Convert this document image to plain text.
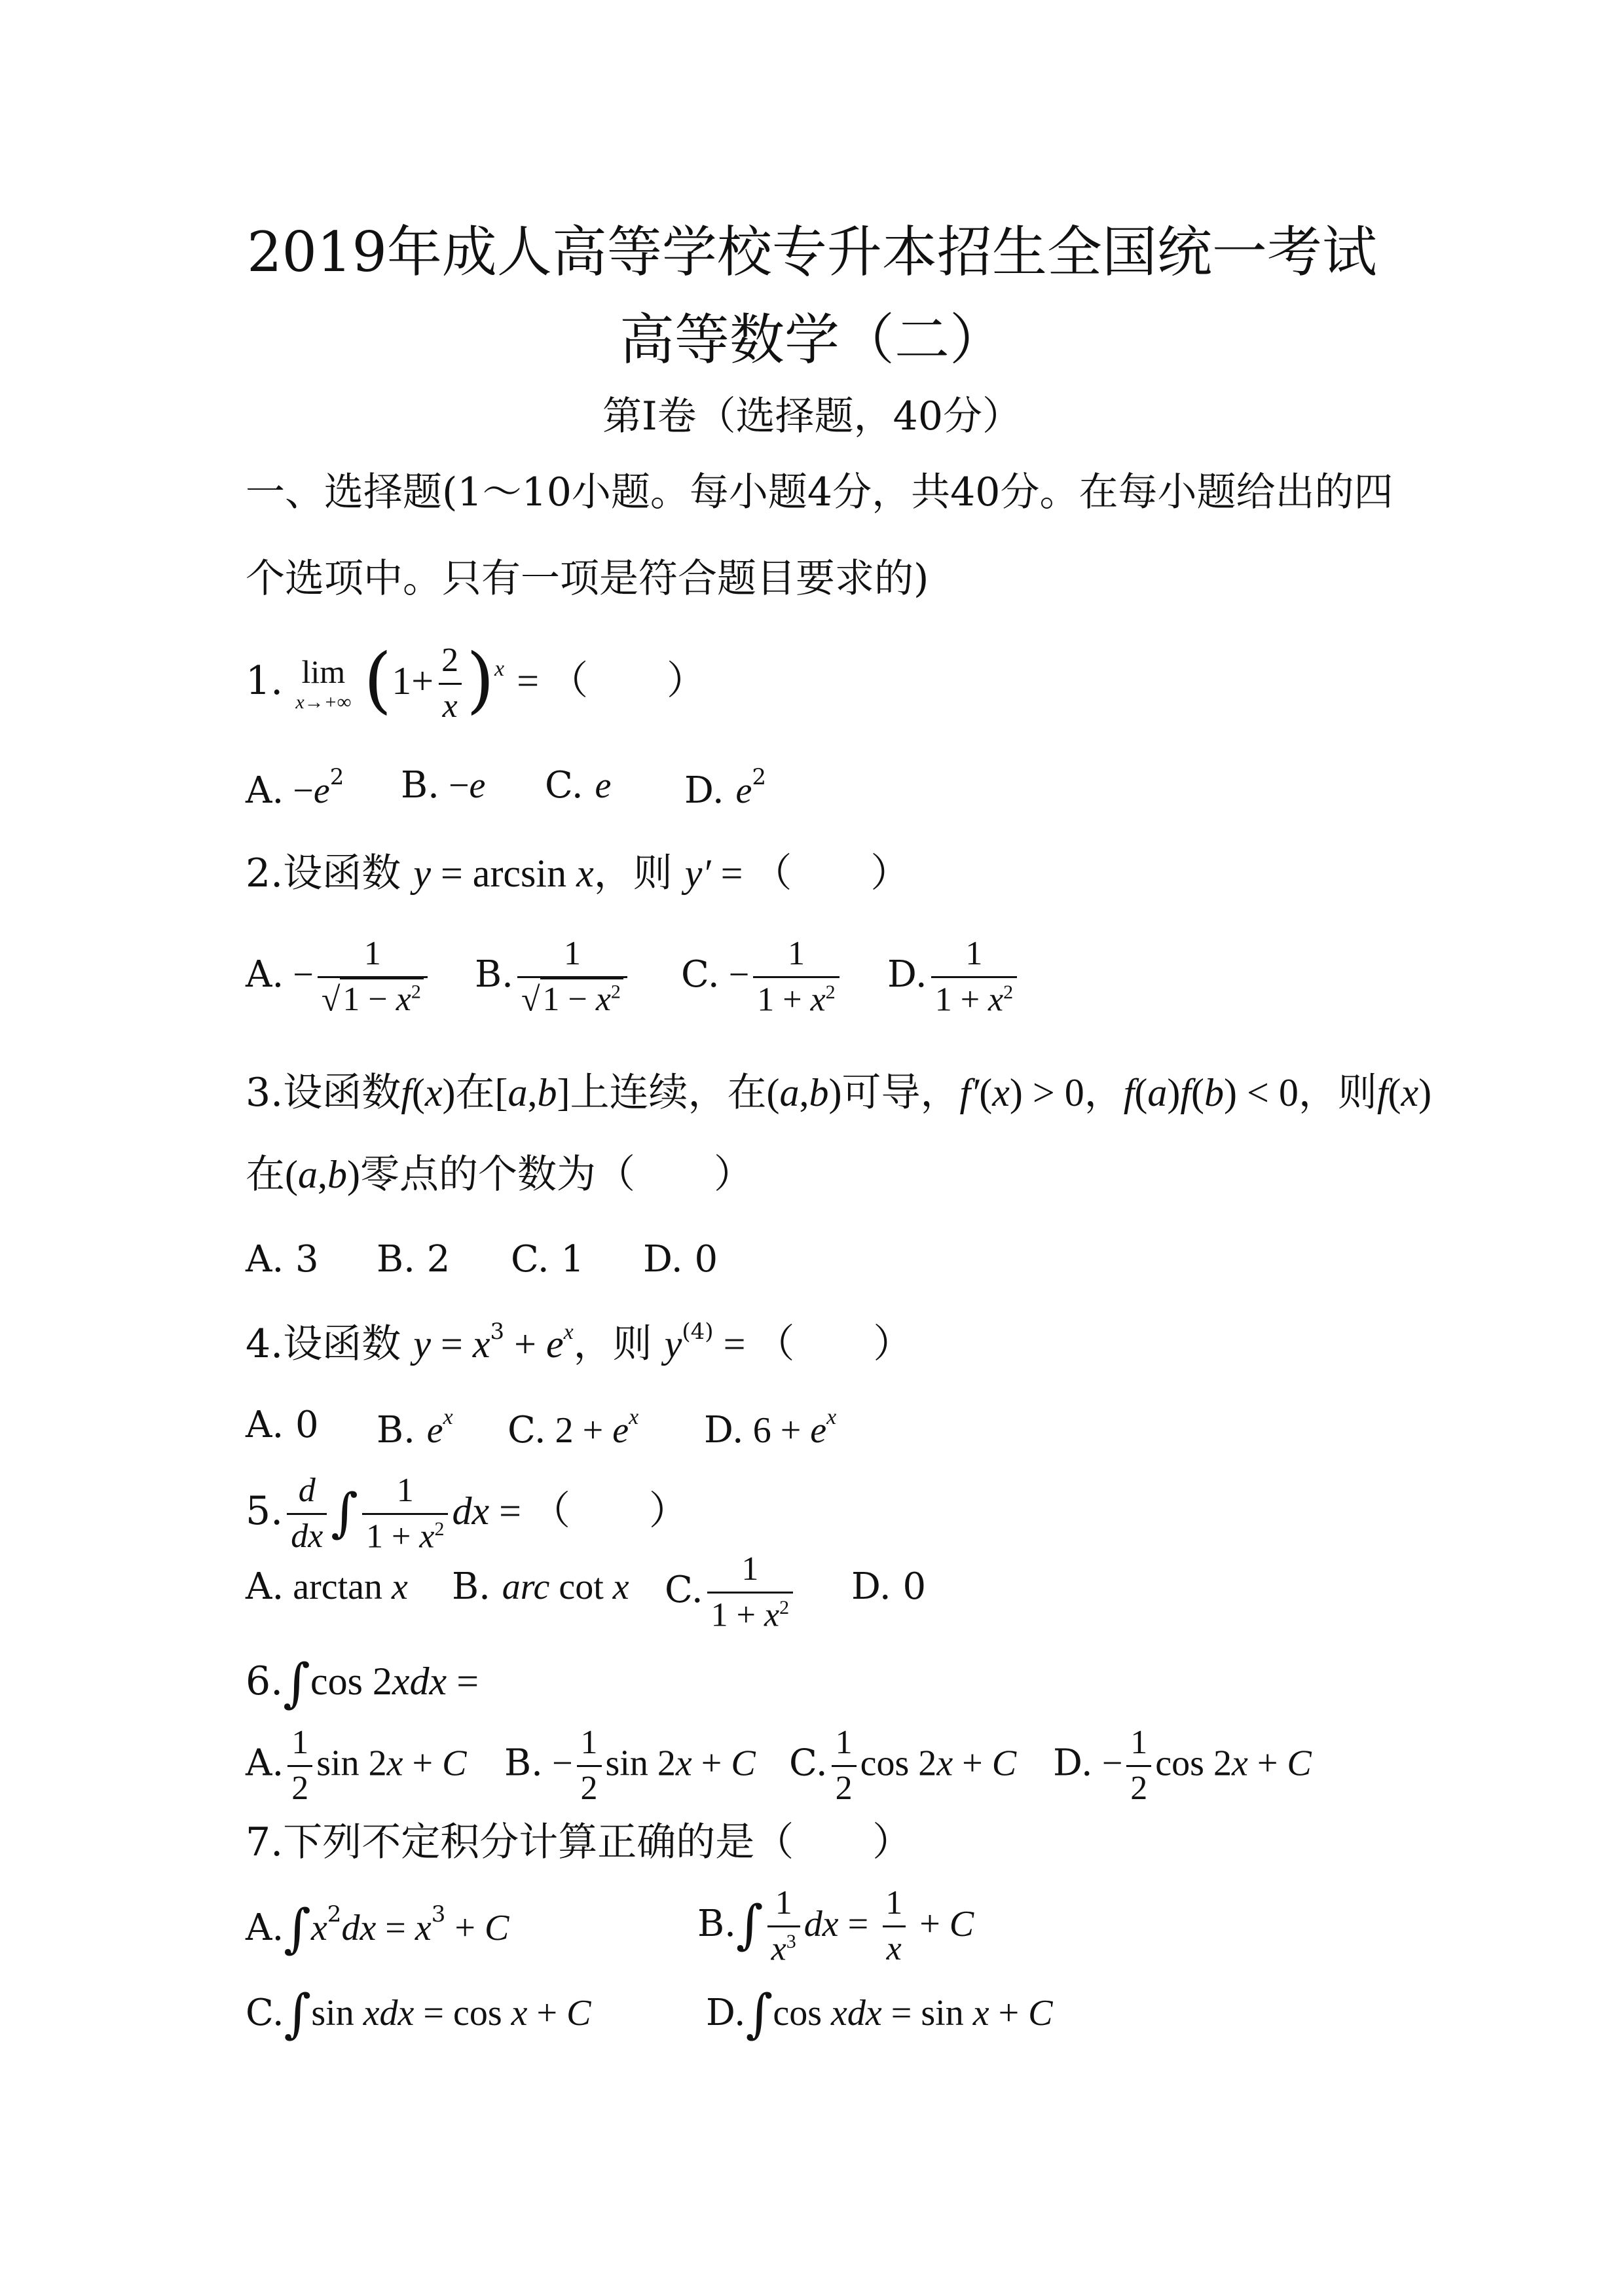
2019年成人高等学校专升本招生全国统一考试
高等数学（二）
第Ⅰ卷（选择题，40分）
一、选择题(1～10小题。每小题4分，共40分。在每小题给出的四
个选项中。只有一项是符合题目要求的)
1. lim
x→+∞ $(1+ \frac{2}{x} )^x$ = （　　）
A. $-e^2$ B. −e C. e D. $e^2$
2.设函数 y = arcsin x，则 y′ = （　　）
A. − $\frac{1}{√1 - x^2} B$. $\frac{1}{√1 - x^2} C$. − $\frac{1}{1 + x^2} D$. $\frac{1}{1 + x^2}$
3.设函数f(x)在[a,b]上连续，在(a,b)可导，f′(x) > 0，f(a)f(b) < 0，则f(x)
在(a,b)零点的个数为（　　）
A. 3 B. 2 C. 1 D. 0
4.设函数 $y = x^3 + e^x$，则 $y^{(4)}$ = （　　）
A. 0 B. $e^x$ C. $2 + e^x$ D. $6 + e^x$
5. $\frac{d}{dx}$ ∫ $\frac{1}{1 + x^2}$ dx = （　　）
A. arctan x B. arc cot x C. $\frac{1}{1 + x^2} D$. 0
6.∫cos 2xdx =
A. $\frac{1}{2}$ sin 2x + C B. − $\frac{1}{2}$ sin 2x + C C. $\frac{1}{2}$ cos 2x + C D. − $\frac{1}{2}$ cos 2x + C
7.下列不定积分计算正确的是（　　）
$A.\int x^2dx = x^3 + C$	$B.\int \frac{1}{x^3}$ dx = $\frac{1}{x} + C$
C.∫sin xdx = cos x + C	D.∫cos xdx = sin x + C
